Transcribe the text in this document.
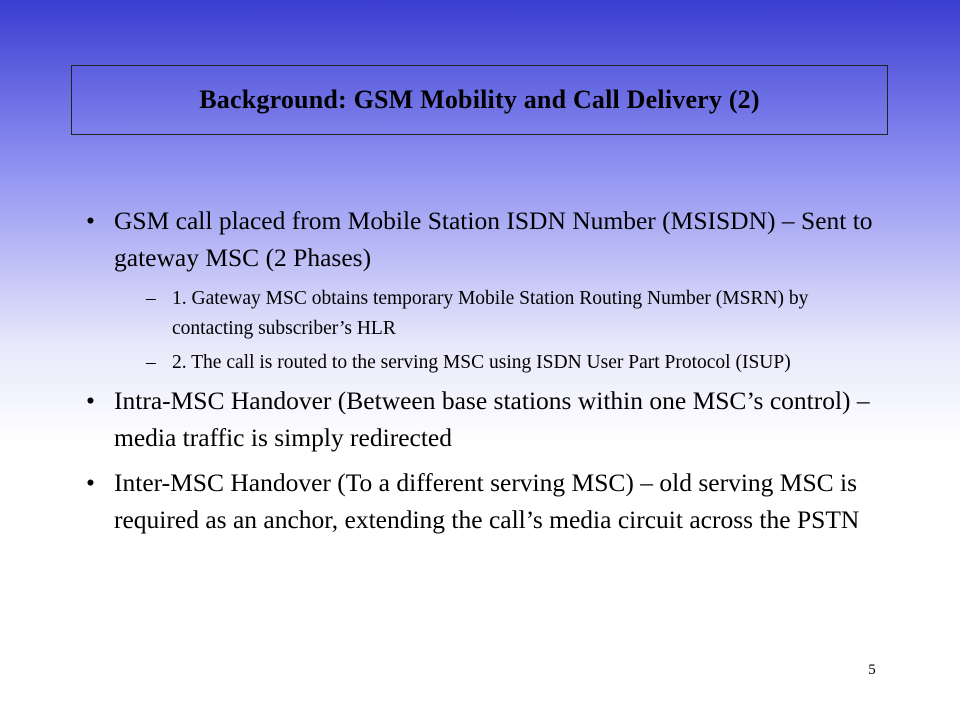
Background: GSM Mobility and Call Delivery (2)
• GSM call placed from Mobile Station ISDN Number (MSISDN) – Sent to gateway MSC (2 Phases)
– 1. Gateway MSC obtains temporary Mobile Station Routing Number (MSRN) by contacting subscriber’s HLR
– 2. The call is routed to the serving MSC using ISDN User Part Protocol (ISUP)
• Intra-MSC Handover (Between base stations within one MSC’s control) – media traffic is simply redirected
• Inter-MSC Handover (To a different serving MSC) – old serving MSC is required as an anchor, extending the call’s media circuit across the PSTN
5
